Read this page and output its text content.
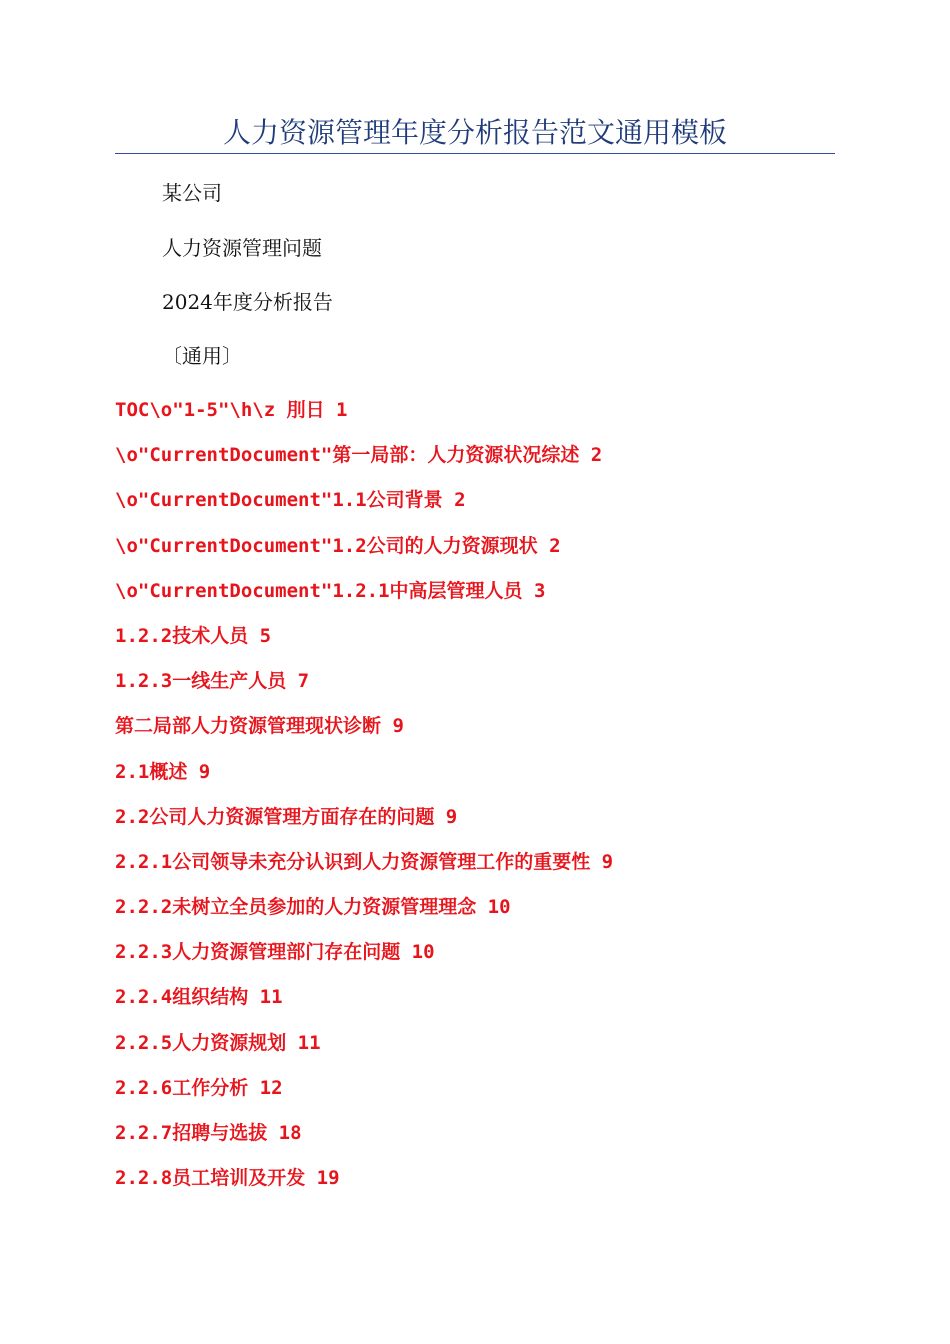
人力资源管理年度分析报告范文通用模板
某公司
人力资源管理问题
2024年度分析报告
〔通用〕
TOC\o"1-5"\h\z 刖日 1
\o"CurrentDocument"第一局部：人力资源状况综述 2
\o"CurrentDocument"1.1公司背景 2
\o"CurrentDocument"1.2公司的人力资源现状 2
\o"CurrentDocument"1.2.1中高层管理人员 3
1.2.2技术人员 5
1.2.3一线生产人员 7
第二局部人力资源管理现状诊断 9
2.1概述 9
2.2公司人力资源管理方面存在的问题 9
2.2.1公司领导未充分认识到人力资源管理工作的重要性 9
2.2.2未树立全员参加的人力资源管理理念 10
2.2.3人力资源管理部门存在问题 10
2.2.4组织结构 11
2.2.5人力资源规划 11
2.2.6工作分析 12
2.2.7招聘与选拔 18
2.2.8员工培训及开发 19
